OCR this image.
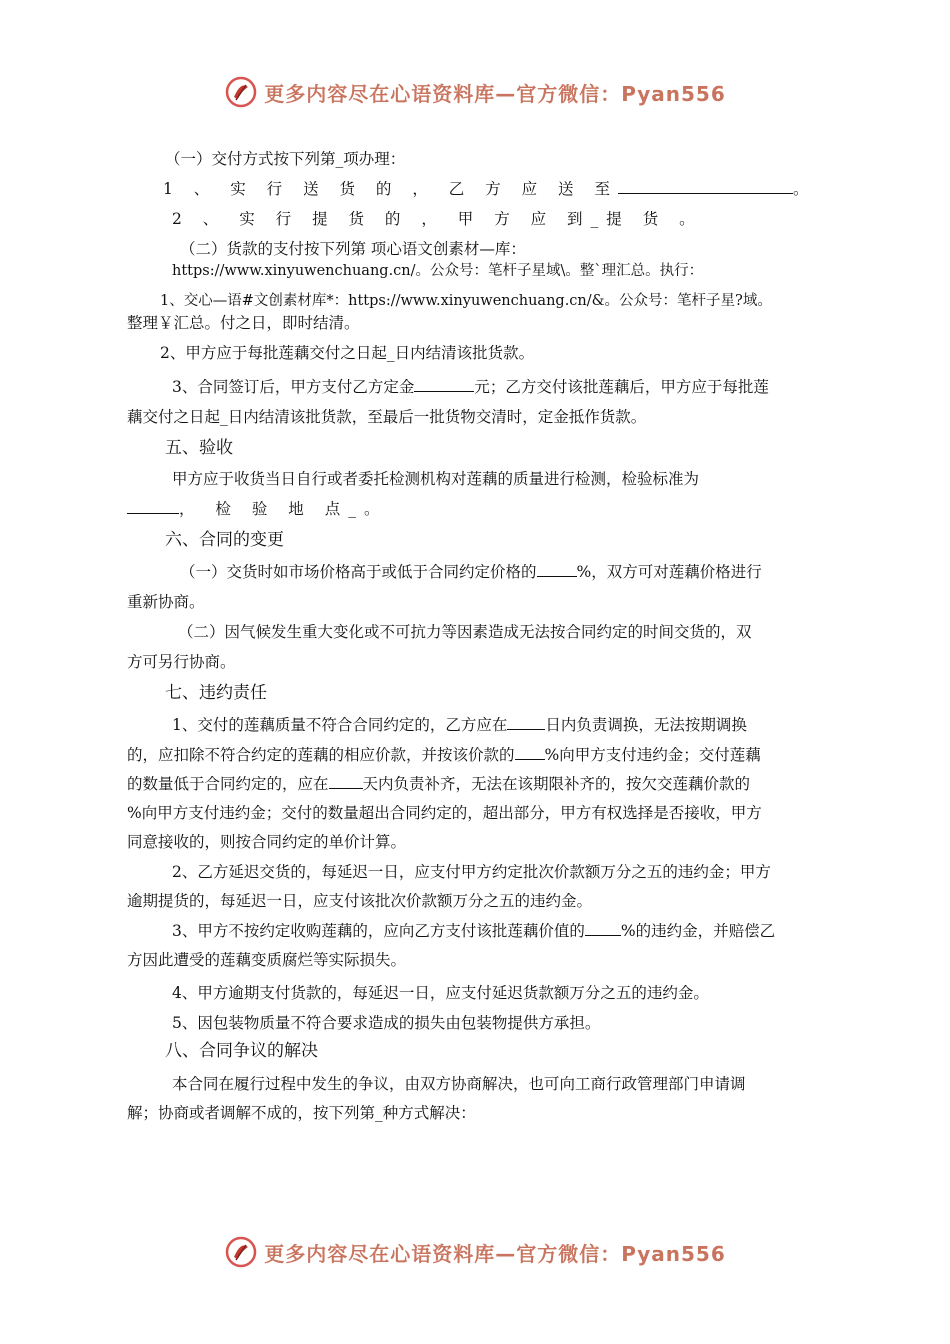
更多内容尽在心语资料库—官方微信：Pyan556
（一）交付方式按下列第_项办理：
1 、 实 行 送 货 的 ， 乙 方 应 送 至	。
2 、 实 行 提 货 的 ， 甲 方 应 到_提 货 。
（二）货款的支付按下列第 项心语文创素材—库：
https://www.xinyuwenchuang.cn/。公众号：笔杆子星域\。整`理汇总。执行：
1、交心—语#文创素材库*：https://www.xinyuwenchuang.cn/&。公众号：笔杆子星?域。
整理￥汇总。付之日，即时结清。
2、甲方应于每批莲藕交付之日起_日内结清该批货款。
3、合同签订后，甲方支付乙方定金	元；乙方交付该批莲藕后，甲方应于每批莲
藕交付之日起_日内结清该批货款，至最后一批货物交清时，定金抵作货款。
五、验收
甲方应于收货当日自行或者委托检测机构对莲藕的质量进行检测，检验标准为
， 检 验 地 点_。
六、合同的变更
（一）交货时如市场价格高于或低于合同约定价格的	%，双方可对莲藕价格进行
重新协商。
（二）因气候发生重大变化或不可抗力等因素造成无法按合同约定的时间交货的，双
方可另行协商。
七、违约责任
1、交付的莲藕质量不符合合同约定的，乙方应在 日内负责调换，无法按期调换
的，应扣除不符合约定的莲藕的相应价款，并按该价款的 %向甲方支付违约金；交付莲藕
的数量低于合同约定的，应在 天内负责补齐，无法在该期限补齐的，按欠交莲藕价款的
%向甲方支付违约金；交付的数量超出合同约定的，超出部分，甲方有权选择是否接收，甲方
同意接收的，则按合同约定的单价计算。
2、乙方延迟交货的，每延迟一日，应支付甲方约定批次价款额万分之五的违约金；甲方
逾期提货的，每延迟一日，应支付该批次价款额万分之五的违约金。
3、甲方不按约定收购莲藕的，应向乙方支付该批莲藕价值的 %的违约金，并赔偿乙
方因此遭受的莲藕变质腐烂等实际损失。
4、甲方逾期支付货款的，每延迟一日，应支付延迟货款额万分之五的违约金。
5、因包装物质量不符合要求造成的损失由包装物提供方承担。
八、合同争议的解决
本合同在履行过程中发生的争议，由双方协商解决，也可向工商行政管理部门申请调
解；协商或者调解不成的，按下列第_种方式解决：
更多内容尽在心语资料库—官方微信：Pyan556
